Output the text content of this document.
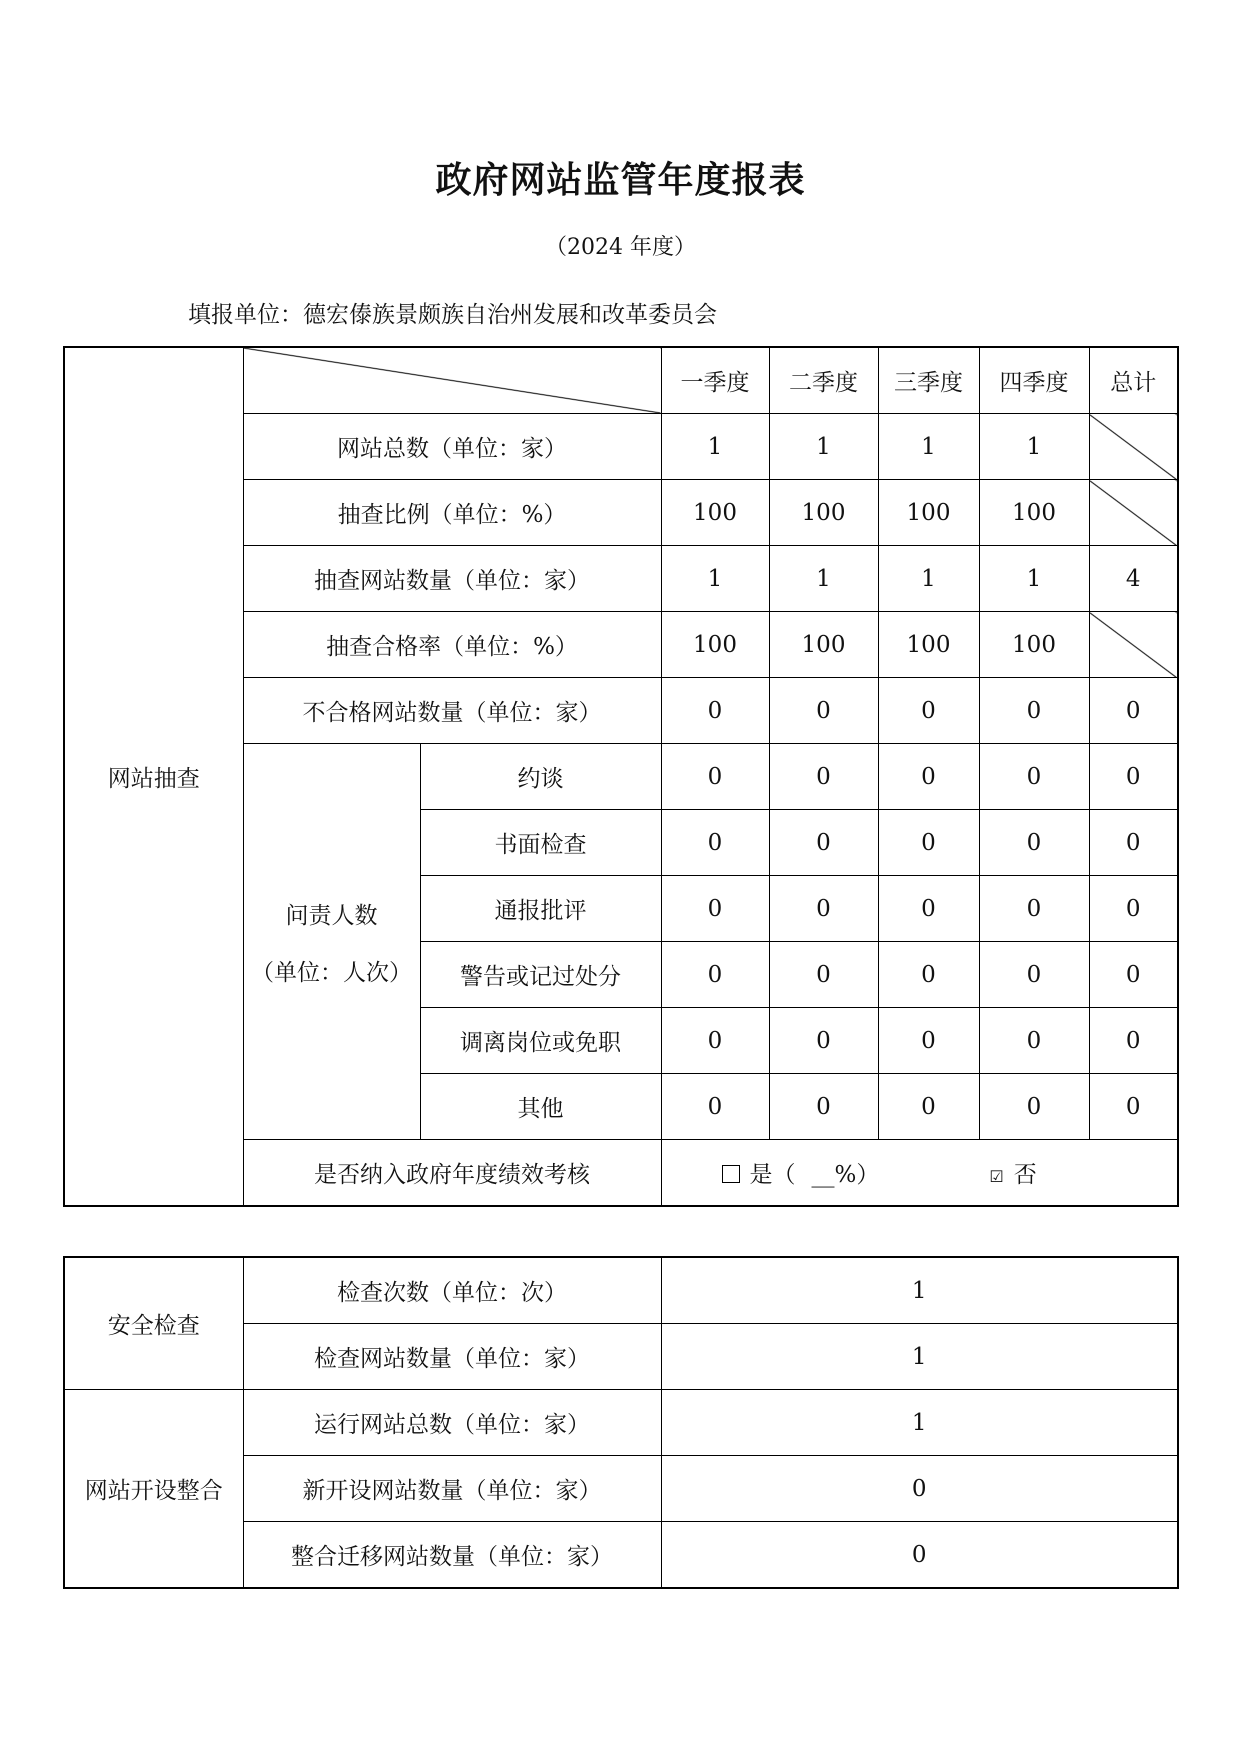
政府网站监管年度报表
（2024 年度）
填报单位：德宏傣族景颇族自治州发展和改革委员会
网站抽查			一季度	二季度	三季度	四季度	总计
	网站总数（单位：家）		1	1	1	1	
	抽查比例（单位：%）		100	100	100	100	
	抽查网站数量（单位：家）		1	1	1	1	4
	抽查合格率（单位：%）		100	100	100	100	
	不合格网站数量（单位：家）		0	0	0	0	0

	问责人数
（单位：人次）	约谈	0	0	0	0	0
		书面检查	0	0	0	0	0
		通报批评	0	0	0	0	0
		警告或记过处分	0	0	0	0	0
		调离岗位或免职	0	0	0	0	0
		其他	0	0	0	0	0
	是否纳入政府年度绩效考核		是（ __%） ☑ 否				
安全检查	检查次数（单位：次）	1
	检查网站数量（单位：家）	1
网站开设整合	运行网站总数（单位：家）	1
	新开设网站数量（单位：家）	0
	整合迁移网站数量（单位：家）	0
